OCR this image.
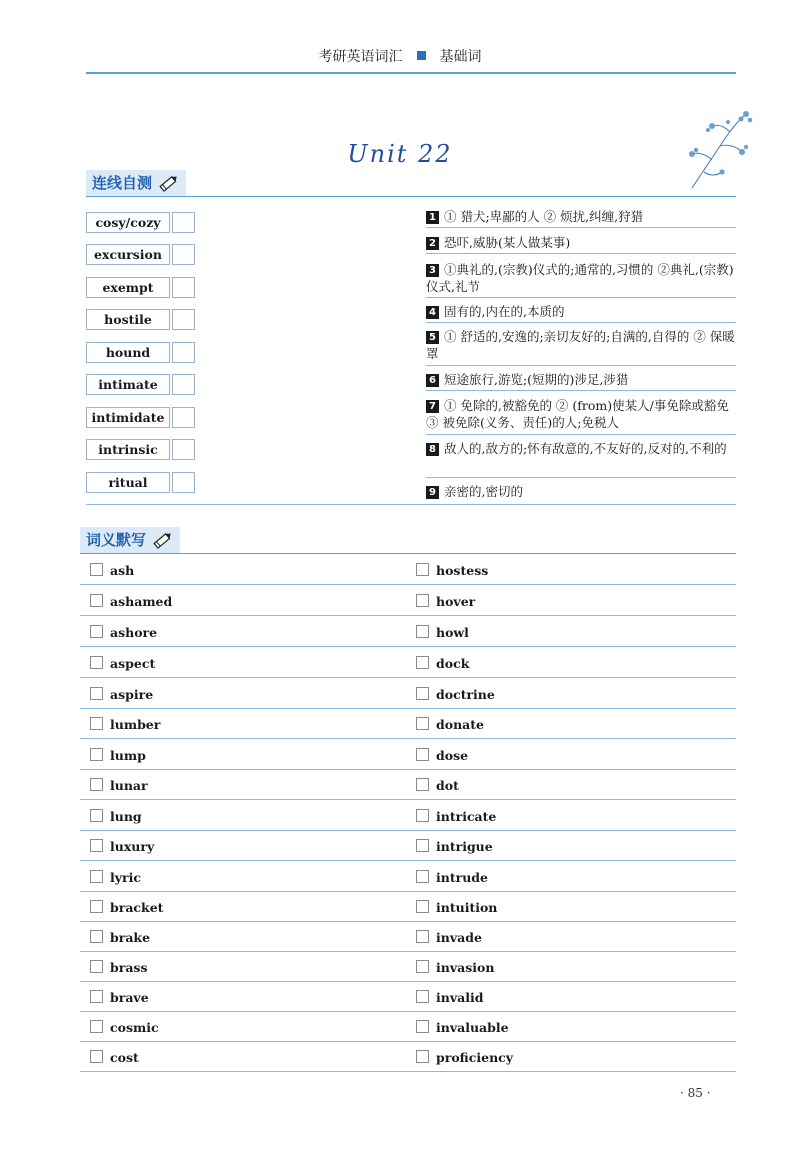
考研英语词汇	基础词
Unit 22
连线自测
cosy/cozy
excursion
exempt
hostile
hound
intimate
intimidate
intrinsic
ritual
1 ① 猎犬;卑鄙的人 ② 烦扰,纠缠,狩猎
2 恐吓,威胁(某人做某事)
3 ①典礼的,(宗教)仪式的;通常的,习惯的 ②典礼,(宗教)仪式,礼节
4 固有的,内在的,本质的
5 ① 舒适的,安逸的;亲切友好的;自满的,自得的 ② 保暖罩
6 短途旅行,游览;(短期的)涉足,涉猎
7 ① 免除的,被豁免的 ② (from)使某人/事免除或豁免 ③ 被免除(义务、责任)的人;免税人
8 敌人的,敌方的;怀有敌意的,不友好的,反对的,不利的
9 亲密的,密切的
词义默写
ash	hostess
ashamed	hover
ashore	howl
aspect	dock
aspire	doctrine
lumber	donate
lump	dose
lunar	dot
lung	intricate
luxury	intrigue
lyric	intrude
bracket	intuition
brake	invade
brass	invasion
brave	invalid
cosmic	invaluable
cost	proficiency
· 85 ·
